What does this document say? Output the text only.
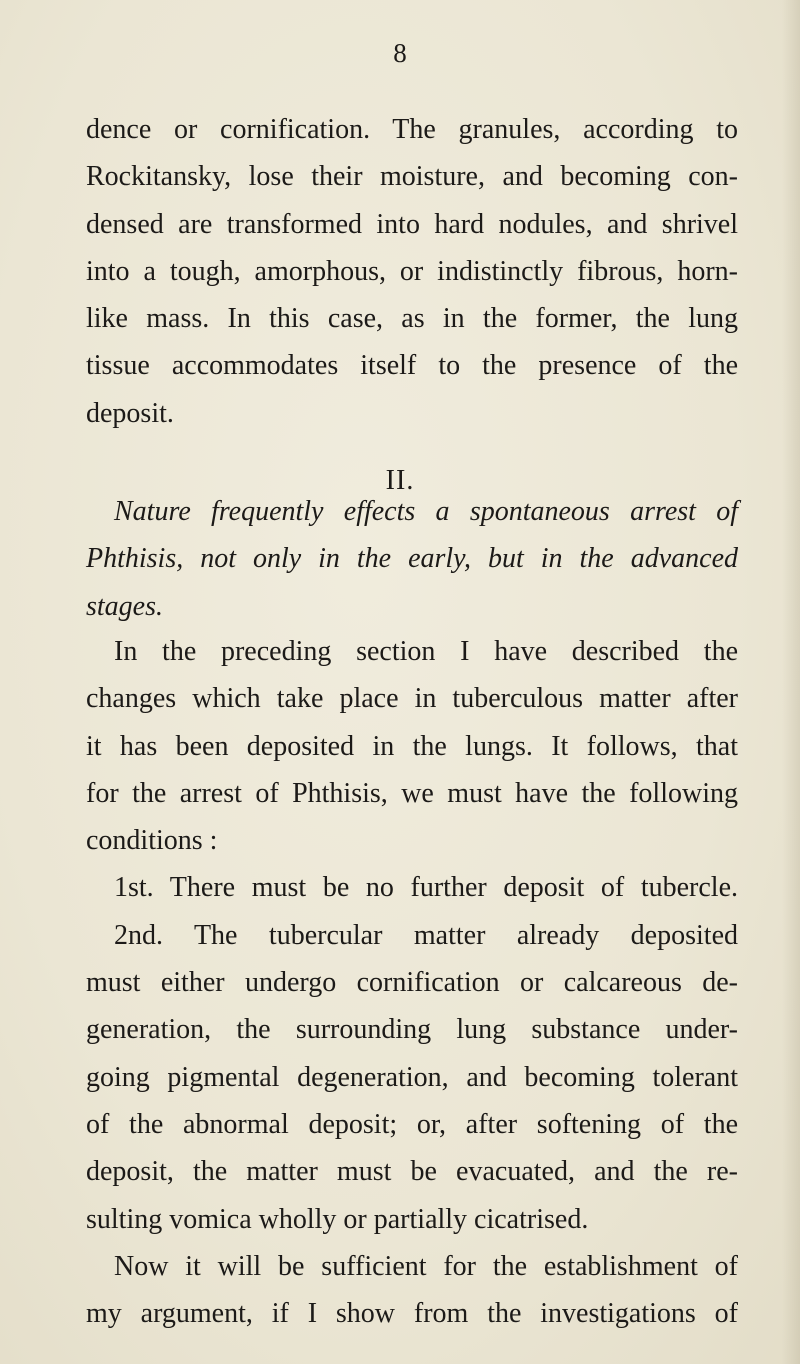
8
dence or cornification. The granules, according to
Rockitansky, lose their moisture, and becoming con-
densed are transformed into hard nodules, and shrivel
into a tough, amorphous, or indistinctly fibrous, horn-
like mass. In this case, as in the former, the lung
tissue accommodates itself to the presence of the
deposit.
II.
Nature frequently effects a spontaneous arrest of
Phthisis, not only in the early, but in the advanced
stages.
In the preceding section I have described the
changes which take place in tuberculous matter after
it has been deposited in the lungs. It follows, that
for the arrest of Phthisis, we must have the following
conditions :
1st. There must be no further deposit of tubercle.
2nd. The tubercular matter already deposited
must either undergo cornification or calcareous de-
generation, the surrounding lung substance under-
going pigmental degeneration, and becoming tolerant
of the abnormal deposit; or, after softening of the
deposit, the matter must be evacuated, and the re-
sulting vomica wholly or partially cicatrised.
Now it will be sufficient for the establishment of
my argument, if I show from the investigations of
